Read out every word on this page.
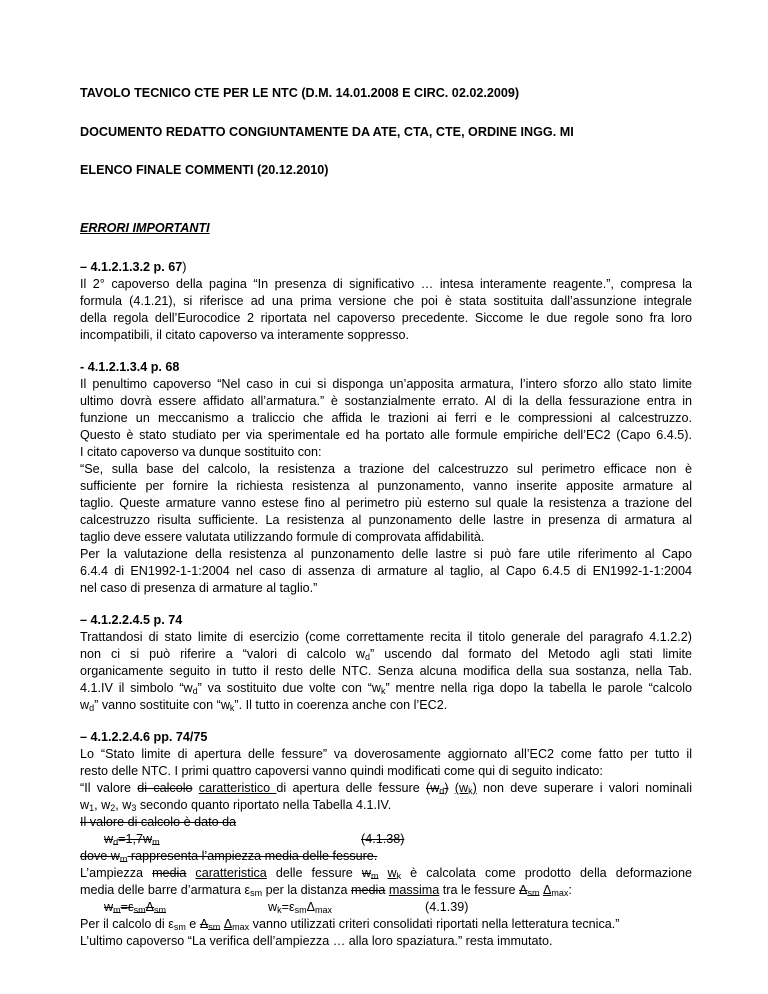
TAVOLO TECNICO CTE PER LE NTC (D.M. 14.01.2008 E CIRC. 02.02.2009)
DOCUMENTO REDATTO CONGIUNTAMENTE DA ATE, CTA, CTE, ORDINE INGG. MI
ELENCO FINALE COMMENTI (20.12.2010)
ERRORI IMPORTANTI
– 4.1.2.1.3.2 p. 67)
Il 2° capoverso della pagina “In presenza di significativo … intesa interamente reagente.”, compresa la
formula (4.1.21), si riferisce ad una prima versione che poi è stata sostituita dall’assunzione integrale
della regola dell’Eurocodice 2 riportata nel capoverso precedente. Siccome le due regole sono fra loro
incompatibili, il citato capoverso va interamente soppresso.
- 4.1.2.1.3.4 p. 68
Il penultimo capoverso “Nel caso in cui si disponga un’apposita armatura, l’intero sforzo allo stato limite
ultimo dovrà essere affidato all’armatura.” è sostanzialmente errato. Al di la della fessurazione entra in
funzione un meccanismo a traliccio che affida le trazioni ai ferri e le compressioni al calcestruzzo.
Questo è stato studiato per via sperimentale ed ha portato alle formule empiriche dell’EC2 (Capo 6.4.5).
I citato capoverso va dunque sostituito con:
“Se, sulla base del calcolo, la resistenza a trazione del calcestruzzo sul perimetro efficace non è
sufficiente per fornire la richiesta resistenza al punzonamento, vanno inserite apposite armature al
taglio. Queste armature vanno estese fino al perimetro più esterno sul quale la resistenza a trazione del
calcestruzzo risulta sufficiente. La resistenza al punzonamento delle lastre in presenza di armatura al
taglio deve essere valutata utilizzando formule di comprovata affidabilità.
Per la valutazione della resistenza al punzonamento delle lastre si può fare utile riferimento al Capo
6.4.4 di EN1992-1-1:2004 nel caso di assenza di armature al taglio, al Capo 6.4.5 di EN1992-1-1:2004
nel caso di presenza di armature al taglio.”
– 4.1.2.2.4.5 p. 74
Trattandosi di stato limite di esercizio (come correttamente recita il titolo generale del paragrafo 4.1.2.2)
non ci si può riferire a “valori di calcolo $w_d$” uscendo dal formato del Metodo agli stati limite
organicamente seguito in tutto il resto delle NTC. Senza alcuna modifica della sua sostanza, nella Tab.
4.1.IV il simbolo “$w_d$” va sostituito due volte con “$w_k$” mentre nella riga dopo la tabella le parole “calcolo
$w_d$” vanno sostituite con “$w_k$”. Il tutto in coerenza anche con l’EC2.
– 4.1.2.2.4.6 pp. 74/75
Lo “Stato limite di apertura delle fessure” va doverosamente aggiornato all’EC2 come fatto per tutto il
resto delle NTC. I primi quattro capoversi vanno quindi modificati come qui di seguito indicato:
“Il valore di calcolo caratteristico di apertura delle fessure $(w_d)$ $(w_k)$ non deve superare i valori nominali
$w_1$, $w_2$, $w_3$ secondo quanto riportato nella Tabella 4.1.IV.
Il valore di calcolo è dato da
$w_d=1,7w_m$	(4.1.38)
dove $w_m$ rappresenta l’ampiezza media delle fessure.
L’ampiezza media caratteristica delle fessure $w_m$ $w_k$ è calcolata come prodotto della deformazione
media delle barre d’armatura $\varepsilon_{sm}$ per la distanza media massima tra le fessure $\Delta_{sm}$ $\Delta_{max}$:
$w_m=\varepsilon_{sm}\Delta_{sm}$	$w_k=\varepsilon_{sm}\Delta_{max}$	(4.1.39)
Per il calcolo di $\varepsilon_{sm}$ e $\Delta_{sm}$ $\Delta_{max}$ vanno utilizzati criteri consolidati riportati nella letteratura tecnica.”
L’ultimo capoverso “La verifica dell’ampiezza … alla loro spaziatura.” resta immutato.
